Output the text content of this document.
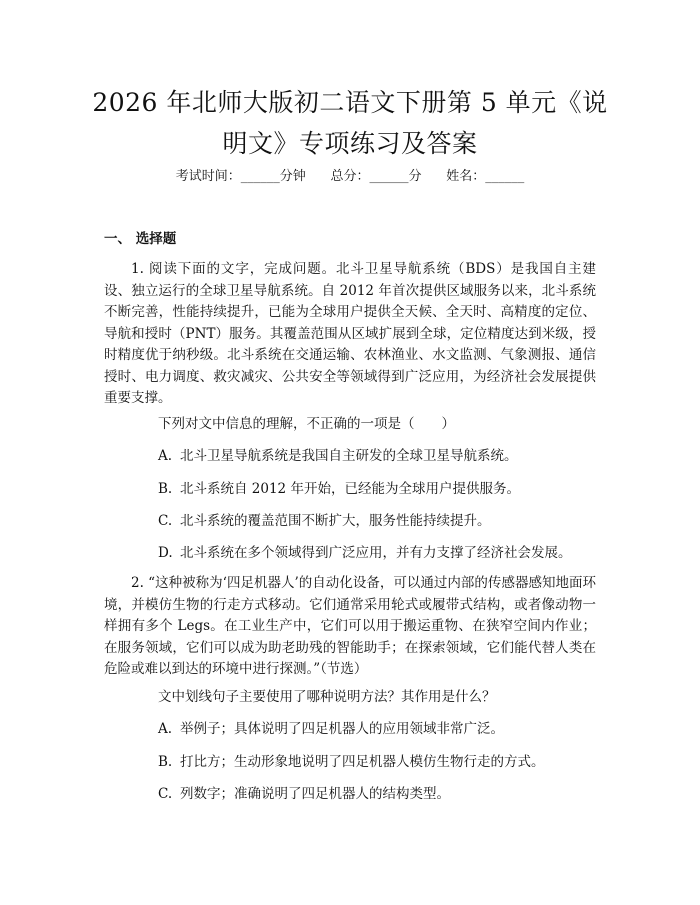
2026 年北师大版初二语文下册第 5 单元《说
明文》专项练习及答案
考试时间：______分钟      总分：______分      姓名：______
一、 选择题

1. 阅读下面的文字，完成问题。北斗卫星导航系统（BDS）是我国自主建设、独立运行的全球卫星导航系统。自 2012 年首次提供区域服务以来，北斗系统不断完善，性能持续提升，已能为全球用户提供全天候、全天时、高精度的定位、导航和授时（PNT）服务。其覆盖范围从区域扩展到全球，定位精度达到米级，授时精度优于纳秒级。北斗系统在交通运输、农林渔业、水文监测、气象测报、通信授时、电力调度、救灾减灾、公共安全等领域得到广泛应用，为经济社会发展提供重要支撑。

下列对文中信息的理解，不正确的一项是（　　）

A. 北斗卫星导航系统是我国自主研发的全球卫星导航系统。

B. 北斗系统自 2012 年开始，已经能为全球用户提供服务。

C. 北斗系统的覆盖范围不断扩大，服务性能持续提升。

D. 北斗系统在多个领域得到广泛应用，并有力支撑了经济社会发展。

2. “这种被称为‘四足机器人’的自动化设备，可以通过内部的传感器感知地面环境，并模仿生物的行走方式移动。它们通常采用轮式或履带式结构，或者像动物一样拥有多个 Legs。在工业生产中，它们可以用于搬运重物、在狭窄空间内作业；在服务领域，它们可以成为助老助残的智能助手；在探索领域，它们能代替人类在危险或难以到达的环境中进行探测。”（节选）

文中划线句子主要使用了哪种说明方法？其作用是什么？

A. 举例子；具体说明了四足机器人的应用领域非常广泛。

B. 打比方；生动形象地说明了四足机器人模仿生物行走的方式。

C. 列数字；准确说明了四足机器人的结构类型。
